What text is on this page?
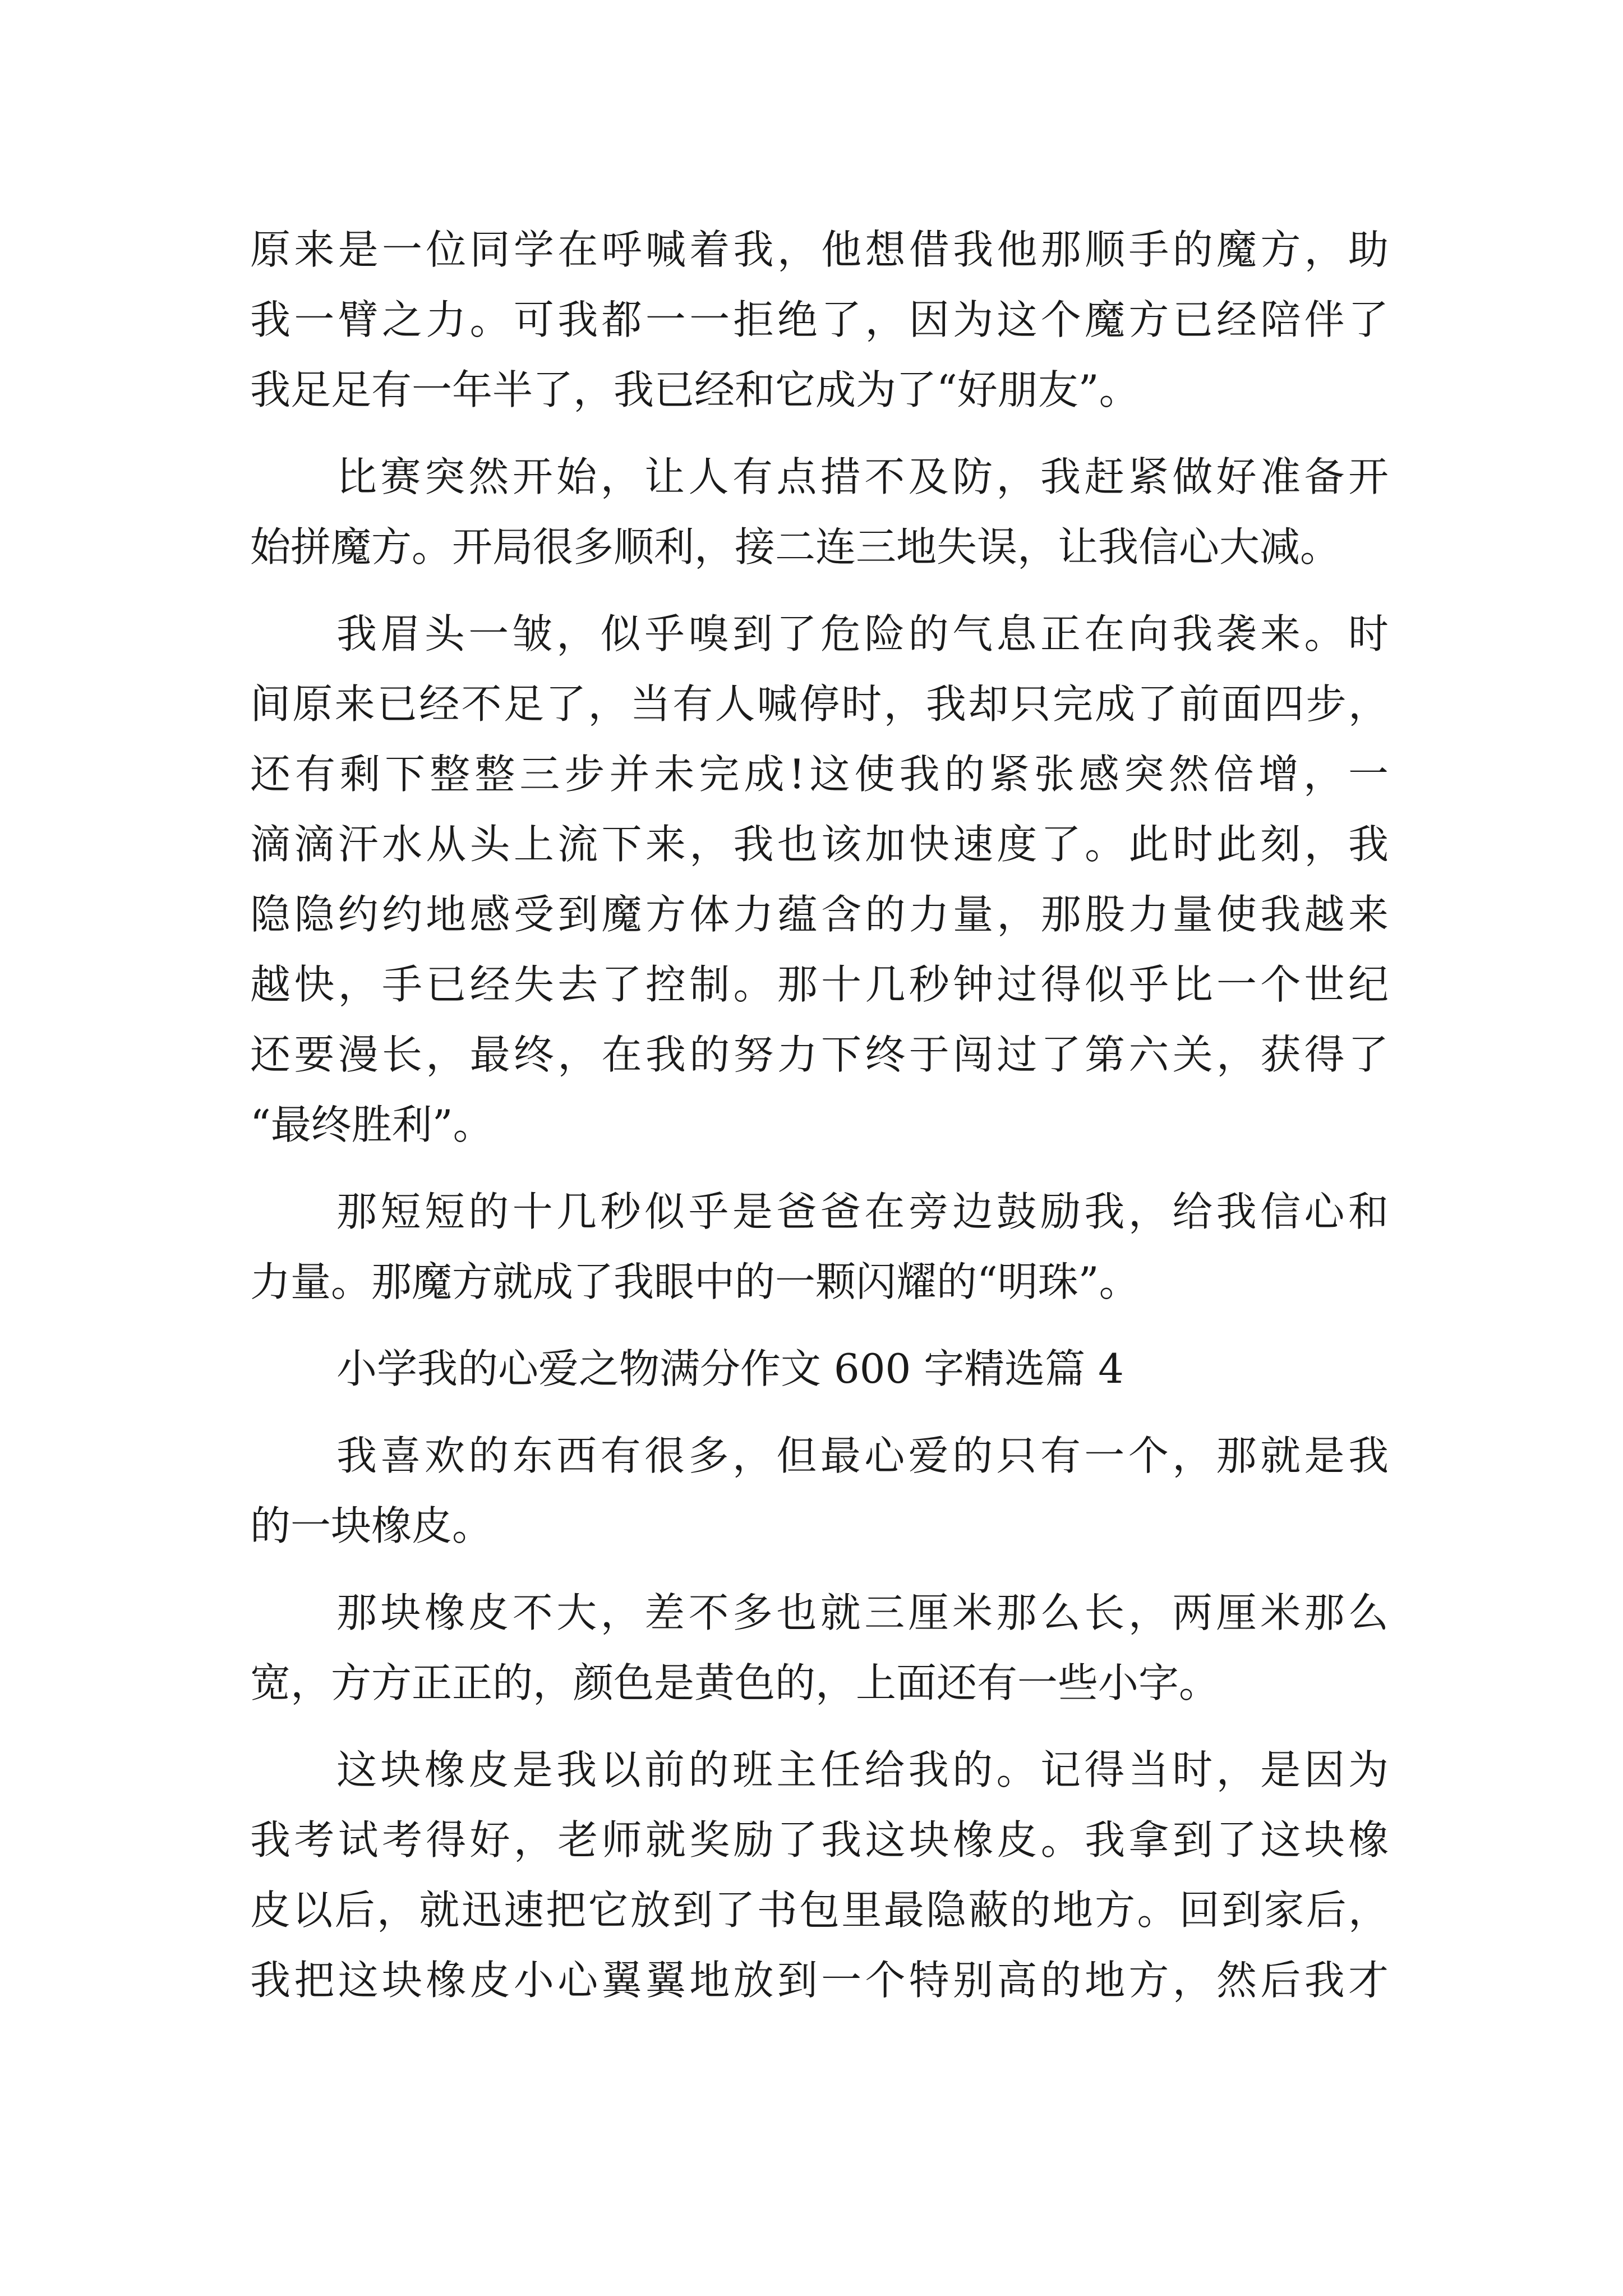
原来是一位同学在呼喊着我，他想借我他那顺手的魔方，助
我一臂之力。可我都一一拒绝了，因为这个魔方已经陪伴了
我足足有一年半了，我已经和它成为了“好朋友”。
比赛突然开始，让人有点措不及防，我赶紧做好准备开
始拼魔方。开局很多顺利，接二连三地失误，让我信心大减。
我眉头一皱，似乎嗅到了危险的气息正在向我袭来。时
间原来已经不足了，当有人喊停时，我却只完成了前面四步，
还有剩下整整三步并未完成!这使我的紧张感突然倍增，一
滴滴汗水从头上流下来，我也该加快速度了。此时此刻，我
隐隐约约地感受到魔方体力蕴含的力量，那股力量使我越来
越快，手已经失去了控制。那十几秒钟过得似乎比一个世纪
还要漫长，最终，在我的努力下终于闯过了第六关，获得了
“最终胜利”。
那短短的十几秒似乎是爸爸在旁边鼓励我，给我信心和
力量。那魔方就成了我眼中的一颗闪耀的“明珠”。
小学我的心爱之物满分作文 600 字精选篇 4
我喜欢的东西有很多，但最心爱的只有一个，那就是我
的一块橡皮。
那块橡皮不大，差不多也就三厘米那么长，两厘米那么
宽，方方正正的，颜色是黄色的，上面还有一些小字。
这块橡皮是我以前的班主任给我的。记得当时，是因为
我考试考得好，老师就奖励了我这块橡皮。我拿到了这块橡
皮以后，就迅速把它放到了书包里最隐蔽的地方。回到家后，
我把这块橡皮小心翼翼地放到一个特别高的地方，然后我才
